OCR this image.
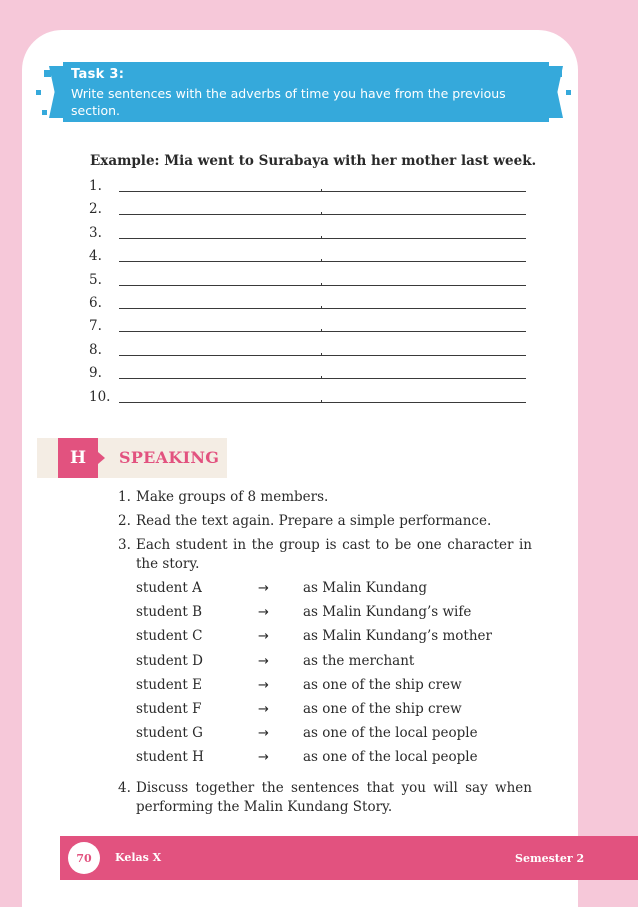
Task 3:
Write sentences with the adverbs of time you have from the previous section.
Example: Mia went to Surabaya with her mother last week.
1.
2.
3.
4.
5.
6.
7.
8.
9.
10.
H	SPEAKING
1. Make groups of 8 members.
2. Read the text again. Prepare a simple performance.
3. Each student in the group is cast to be one character in the story.
student A	→	as Malin Kundang
student B	→	as Malin Kundang’s wife
student C	→	as Malin Kundang’s mother
student D	→	as the merchant
student E	→	as one of the ship crew
student F	→	as one of the ship crew
student G	→	as one of the local people
student H	→	as one of the local people
4. Discuss together the sentences that you will say when performing the Malin Kundang Story.
70	Kelas X	Semester 2
